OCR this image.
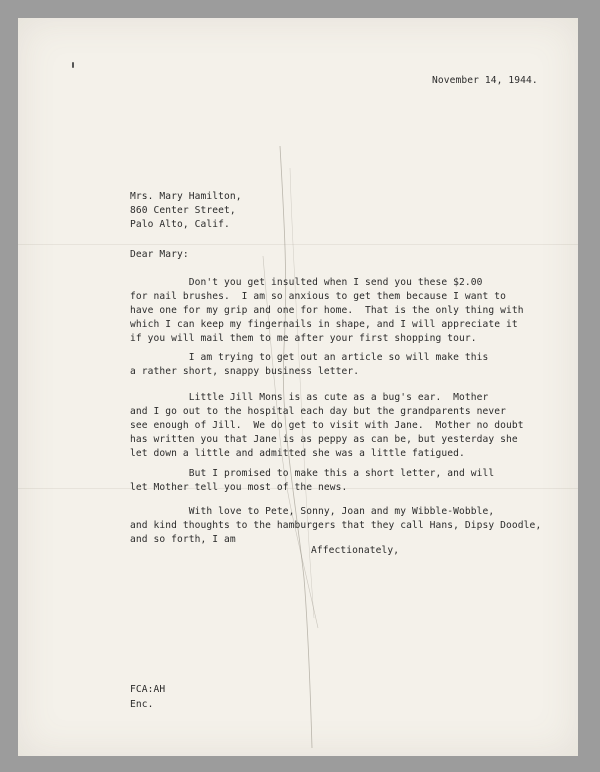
November 14, 1944.
Mrs. Mary Hamilton,
860 Center Street,
Palo Alto, Calif.
Dear Mary:
Don't you get insulted when I send you these $2.00
for nail brushes.  I am so anxious to get them because I want to
have one for my grip and one for home.  That is the only thing with
which I can keep my fingernails in shape, and I will appreciate it
if you will mail them to me after your first shopping tour.
I am trying to get out an article so will make this
a rather short, snappy business letter.
Little Jill Mons is as cute as a bug's ear.  Mother
and I go out to the hospital each day but the grandparents never
see enough of Jill.  We do get to visit with Jane.  Mother no doubt
has written you that Jane is as peppy as can be, but yesterday she
let down a little and admitted she was a little fatigued.
But I promised to make this a short letter, and will
let Mother tell you most of the news.
With love to Pete, Sonny, Joan and my Wibble-Wobble,
and kind thoughts to the hamburgers that they call Hans, Dipsy Doodle,
and so forth, I am
Affectionately,
FCA:AH
Enc.
